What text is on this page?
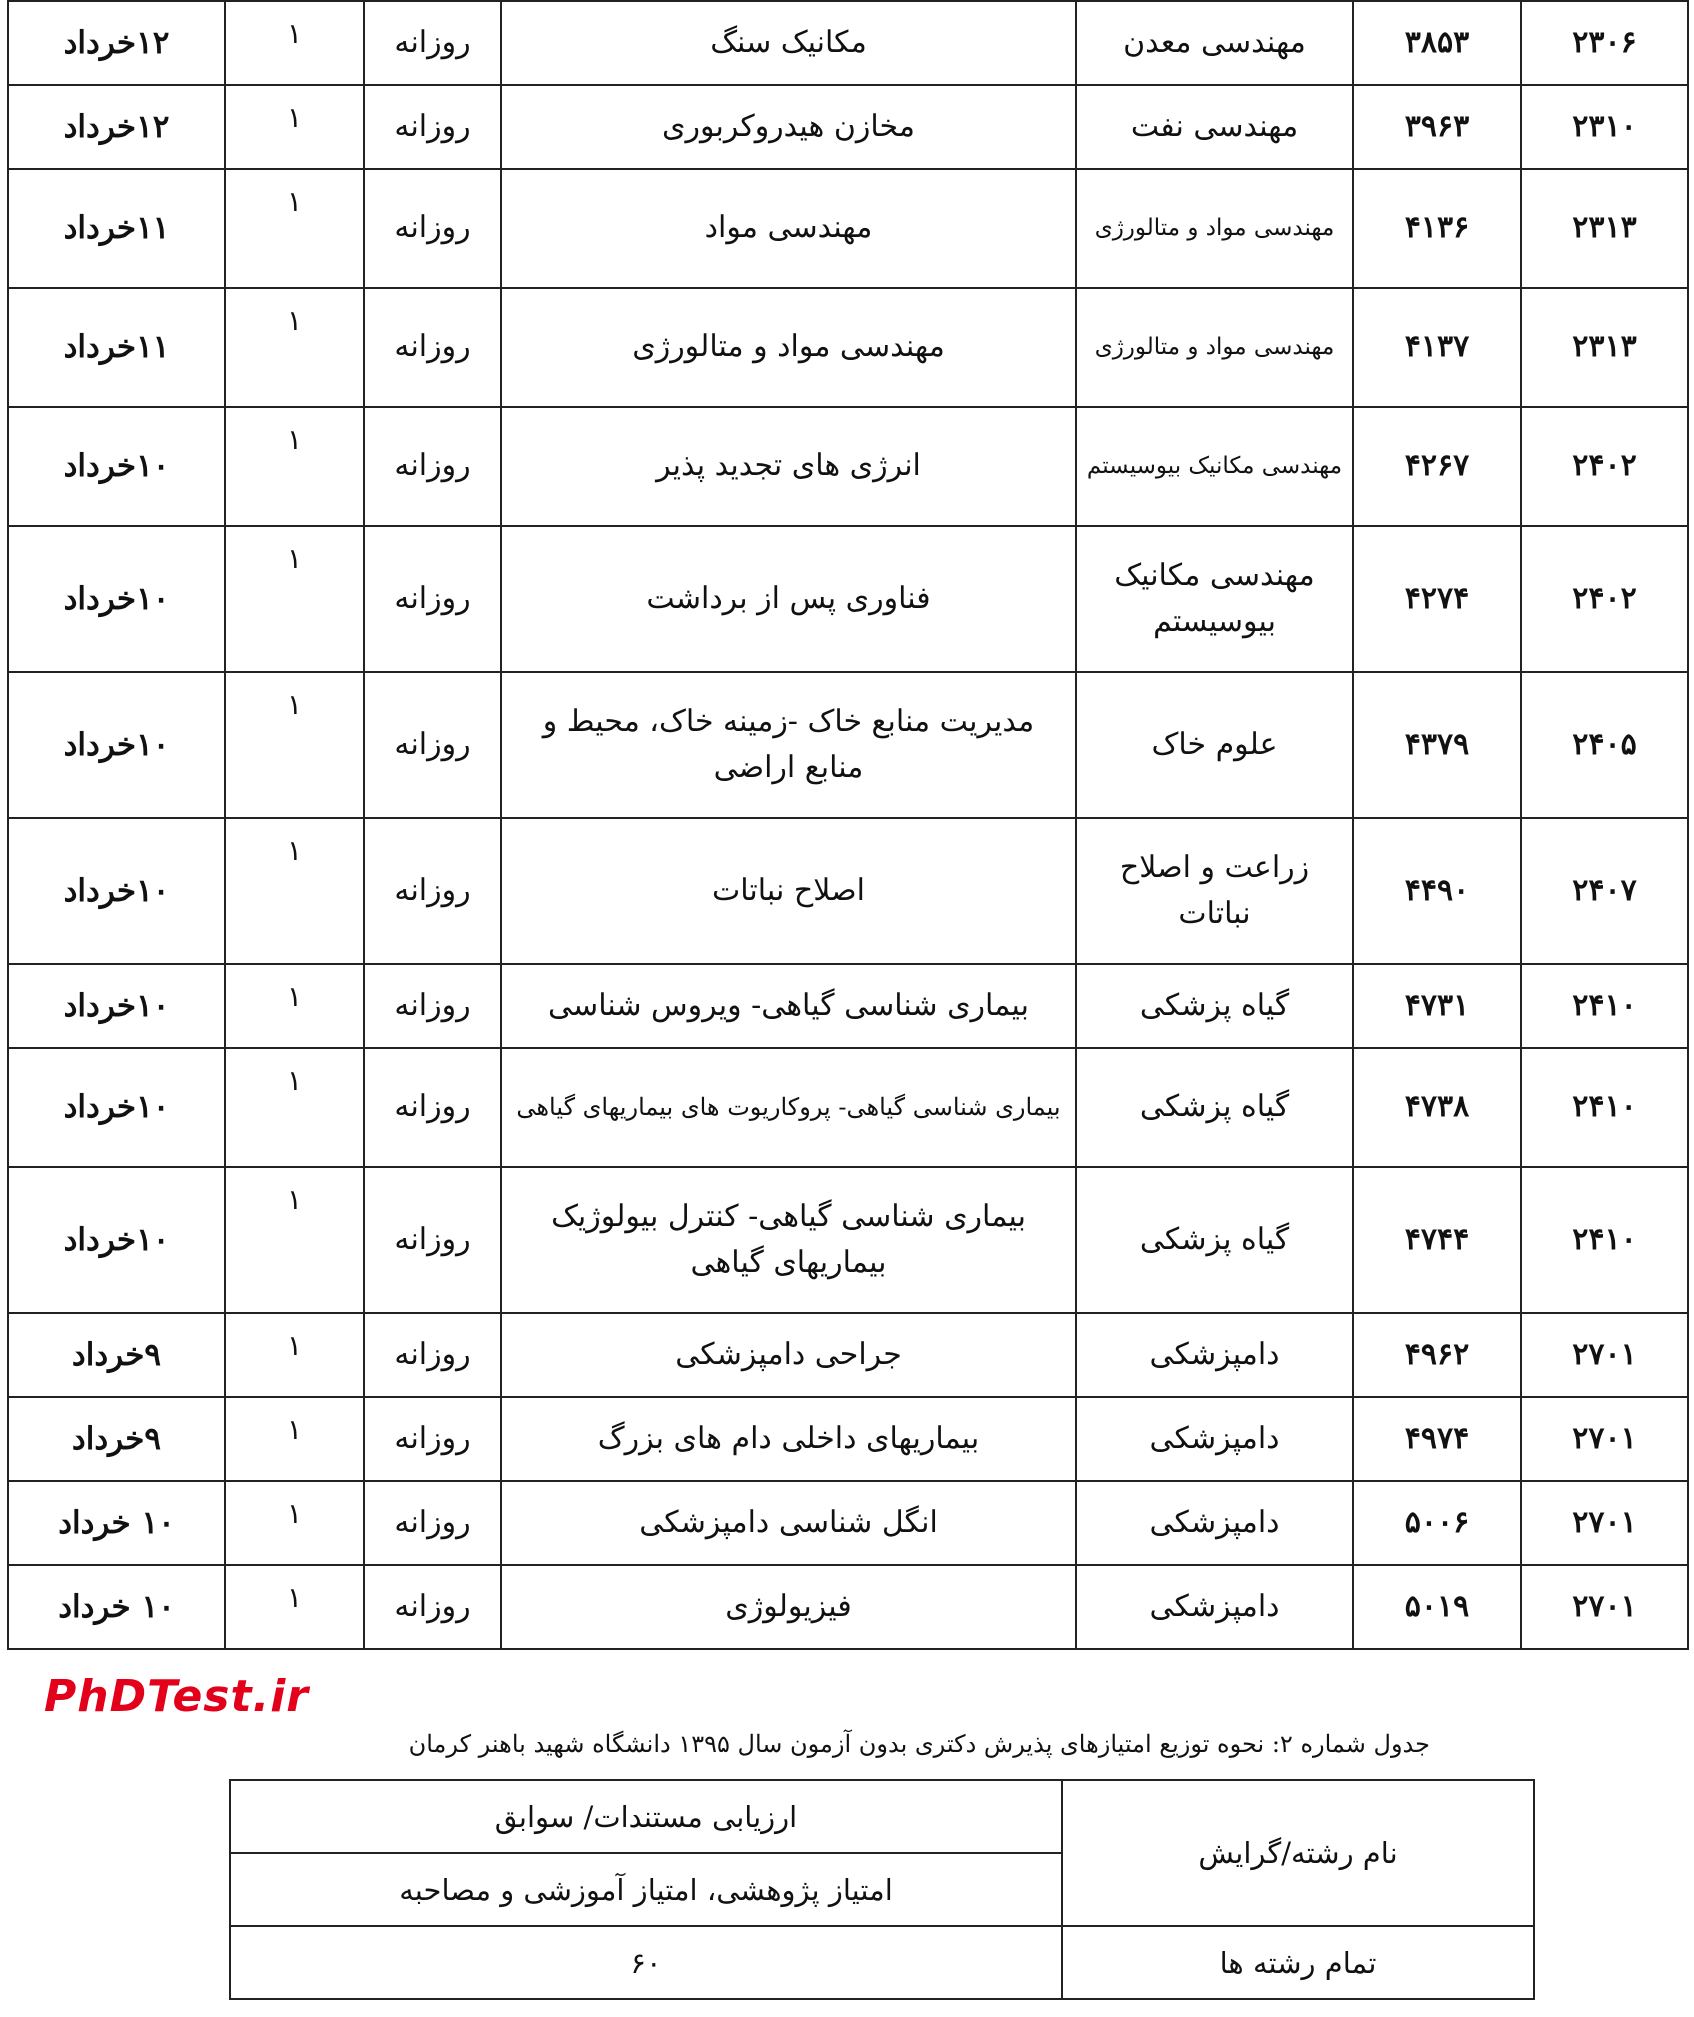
۲۳۰۶	۳۸۵۳	مهندسی معدن	مکانیک سنگ	روزانه	۱	۱۲خرداد
۲۳۱۰	۳۹۶۳	مهندسی نفت	مخازن هیدروکربوری	روزانه	۱	۱۲خرداد
۲۳۱۳	۴۱۳۶	مهندسی مواد و متالورژی	مهندسی مواد	روزانه	۱	۱۱خرداد
۲۳۱۳	۴۱۳۷	مهندسی مواد و متالورژی	مهندسی مواد و متالورژی	روزانه	۱	۱۱خرداد
۲۴۰۲	۴۲۶۷	مهندسی مکانیک بیوسیستم	انرژی های تجدید پذیر	روزانه	۱	۱۰خرداد
۲۴۰۲	۴۲۷۴	مهندسی مکانیک بیوسیستم	فناوری پس از برداشت	روزانه	۱	۱۰خرداد
۲۴۰۵	۴۳۷۹	علوم خاک	مدیریت منابع خاک -زمینه خاک، محیط و منابع اراضی	روزانه	۱	۱۰خرداد
۲۴۰۷	۴۴۹۰	زراعت و اصلاح نباتات	اصلاح نباتات	روزانه	۱	۱۰خرداد
۲۴۱۰	۴۷۳۱	گیاه پزشکی	بیماری شناسی گیاهی- ویروس شناسی	روزانه	۱	۱۰خرداد
۲۴۱۰	۴۷۳۸	گیاه پزشکی	بیماری شناسی گیاهی- پروکاریوت های بیماریهای گیاهی	روزانه	۱	۱۰خرداد
۲۴۱۰	۴۷۴۴	گیاه پزشکی	بیماری شناسی گیاهی- کنترل بیولوژیک بیماریهای گیاهی	روزانه	۱	۱۰خرداد
۲۷۰۱	۴۹۶۲	دامپزشکی	جراحی دامپزشکی	روزانه	۱	۹خرداد
۲۷۰۱	۴۹۷۴	دامپزشکی	بیماریهای داخلی دام های بزرگ	روزانه	۱	۹خرداد
۲۷۰۱	۵۰۰۶	دامپزشکی	انگل شناسی دامپزشکی	روزانه	۱	۱۰ خرداد
۲۷۰۱	۵۰۱۹	دامپزشکی	فیزیولوژی	روزانه	۱	۱۰ خرداد
PhDTest.ir
جدول شماره ۲: نحوه توزیع امتیازهای پذیرش دکتری بدون آزمون سال ۱۳۹۵ دانشگاه شهید باهنر کرمان
نام رشته/گرایش	ارزیابی مستندات/ سوابق
	امتیاز پژوهشی، امتیاز آموزشی و مصاحبه
تمام رشته ها	۶۰
